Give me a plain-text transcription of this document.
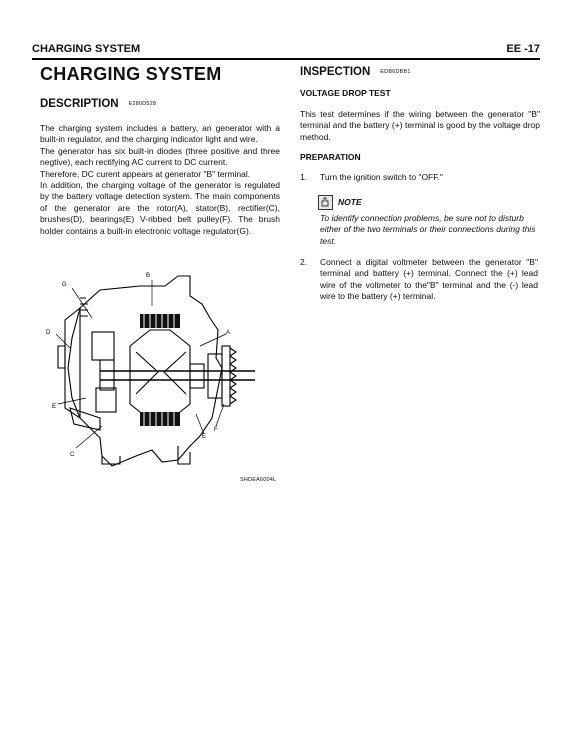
CHARGING SYSTEM	EE -17
CHARGING SYSTEM
DESCRIPTION E280D528

The charging system includes a battery, an generator with a built-in regulator, and the charging indicator light and wire.

The generator has six built-in diodes (three positive and three negtive), each rectifying AC current to DC current.

Therefore, DC curent appears at generator "B" terminal.

In addition, the charging voltage of the generator is regulated by the battery voltage detection system. The main components of the generator are the rotor(A), stator(B), rectifier(C), brushes(D), bearings(E) V-ribbed belt pulley(F). The brush holder contains a built-in electronic voltage regulator(G).

B
A
G
D
E
E
F
C
SHDEA6004L
INSPECTION EDB6DBB1
VOLTAGE DROP TEST
This test determines if the wiring between the generator "B" terminal and the battery (+) terminal is good by the voltage drop method.
PREPARATION
1. Turn the ignition switch to "OFF."
NOTE
To identify connection problems, be sure not to disturb either of the two terminals or their connections during this test.
2. Connect a digital voltmeter between the generator "B" terminal and battery (+) terminal. Connect the (+) lead wire of the voltmeter to the"B" terminal and the (-) lead wire to the battery (+) terminal.
